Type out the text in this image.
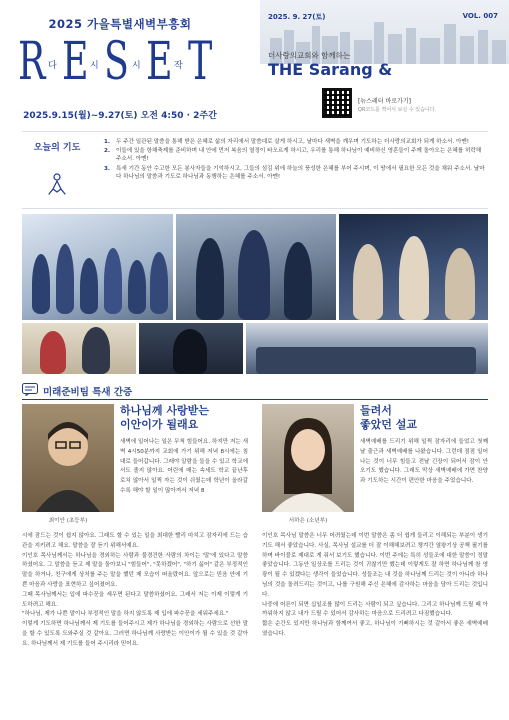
2025 가을특별새벽부흥회
R 다 E 시 S 시 E 작 T
2025.9.15(월)~9.27(토) 오전 4:50 · 2주간
2025. 9. 27(토)	VOL. 007
더사랑의교회와 함께하는
THE Sarang &
[뉴스레터 바로가기]
QR코드를 찍어서 보실 수 있습니다.
오늘의 기도
1. 두 주간 일관된 말씀을 통해 받은 은혜로 삶의 자리에서 말씀대로 살게 하시고, 날마다 새벽을 깨우며 기도하는 더사랑의교회가 되게 하소서. 아멘!
2. 이들에 있을 항해축제를 준비하며 내 안에 먼저 복음의 열정이 타오르게 하시고, 우리를 통해 하나님이 예비하신 영혼들이 주께 돌아오는 은혜를 허락해 주소서. 아멘!
3. 특새 기간 동안 수고한 모든 봉사자들을 기억하시고, 그들의 섬김 위에 하늘의 풍성한 은혜를 부어 주시며, 이 땅에서 필요한 모든 것을 채워 주소서. 날마다 하나님의 말씀과 기도로 하나님과 동행하는 은혜를 주소서. 아멘!
미래준비팀 특새 간증
최이안 (초등부)
하나님께 사랑받는
이안이가 될래요
새벽에 일어나는 일은 무척 힘들어요. 하지만 저는 새벽 4시50분까지 교회에 가기 위해 저녁 8시에는 침대로 들어갑니다. 그래야 알람을 들을 수 있고 학교에서도 졸지 않아요. 어린에 매는 속세도 학교 끝난후 로치 않아서 일찍 자는 것이 쉬웠는데 학년이 올라갈수록 해야 할 일이 많아져서 저녁 8

시에 잠드는 것이 쉽지 않아요. 그래도 할 수 있는 일을 최대한 빨리 마치고 잠자리에 드는 습관을 지키려고 해요. 말씀을 잘 듣기 위해서예요.

이인호 목사님께서는 하나님을 경외하는 사람과 불경건한 사람의 차이는 '말'에 있다고 말씀하셨어요. 그 말씀을 듣고 제 말을 돌아보니 "힘들어", "못하겠어", "하기 싫어" 같은 부정적인 말을 하거나, 친구에게 상처를 주는 말을 했던 제 모습이 떠올랐어요. 앞으로는 믿음 안에 기쁜 마음과 사랑을 표현하고 싶어졌어요.

그때 목사님께서는 입에 파수꾼을 세우면 된다고 말씀하셨어요. 그래서 저는 이제 이렇게 기도하려고 해요.

"하나님, 제가 나쁜 말이나 부정적인 말을 하지 않도록 제 입에 파수꾼을 세워주세요."

이렇게 기도하면 하나님께서 제 기도를 들어주시고 제가 하나님을 경외하는 사람으로 선한 말을 할 수 있도록 도와주실 것 같아요. 그러면 하나님께 사랑받는 이안이가 될 수 있을 것 같아요. 하나님께서 제 기도를 들어 주시리라 믿어요.

서하은 (소년부)
들려서
좋았던 설교
새벽예배를 드리기 위해 일찍 잠자리에 들었고 첫째 날 출근과 새벽예배를 나왔습니다. 그런데 점점 일어나는 것이 너무 힘들고 전날 긴장이 되어서 잠이 안 오기도 했습니다. 그래도 막상 새벽예배에 가면 찬양과 기도하는 시간이 편안한 마음을 주었습니다.

이인호 목사님 말씀은 너무 어려웠는데 이번 말씀은 좀 더 쉽게 들리고 이해되는 부분이 생기기도 해서 좋았습니다. 사실, 목사님 설교를 더 잘 이해해보려고 챙겨간 열왕기상 공책 필기를 하며 바이블로 제대로 게 줘서 보기도 했습니다. 이번 주에는 특히 성들조에 대한 말씀이 정말 좋았습니다. 그동안 일상조를 드리는 것이 귀찮기만 했는데 이렇게도 잘 하면 하나님께 참 영광이 될 수 있겠다는 생각이 들었습니다. 성들조는 내 것을 하나님께 드리는 것이 아니라 하나님의 것을 돌려드리는 것이고, 나를 구원해 주신 은혜에 감사하는 마음을 담아 드리는 것입니다.

나중에 어른이 되면 십일조를 많이 드리는 사람이 되고 싶습니다. 그리고 하나님께 드릴 때 아까워하지 않고 내가 드릴 수 있어서 감사하는 마음으로 드리려고 다짐했습니다.

짧은 순간도 있지만 하나님과 함께여서 좋고, 하나님이 기뻐하시는 것 같아서 좋은 새벽예배였습니다.
